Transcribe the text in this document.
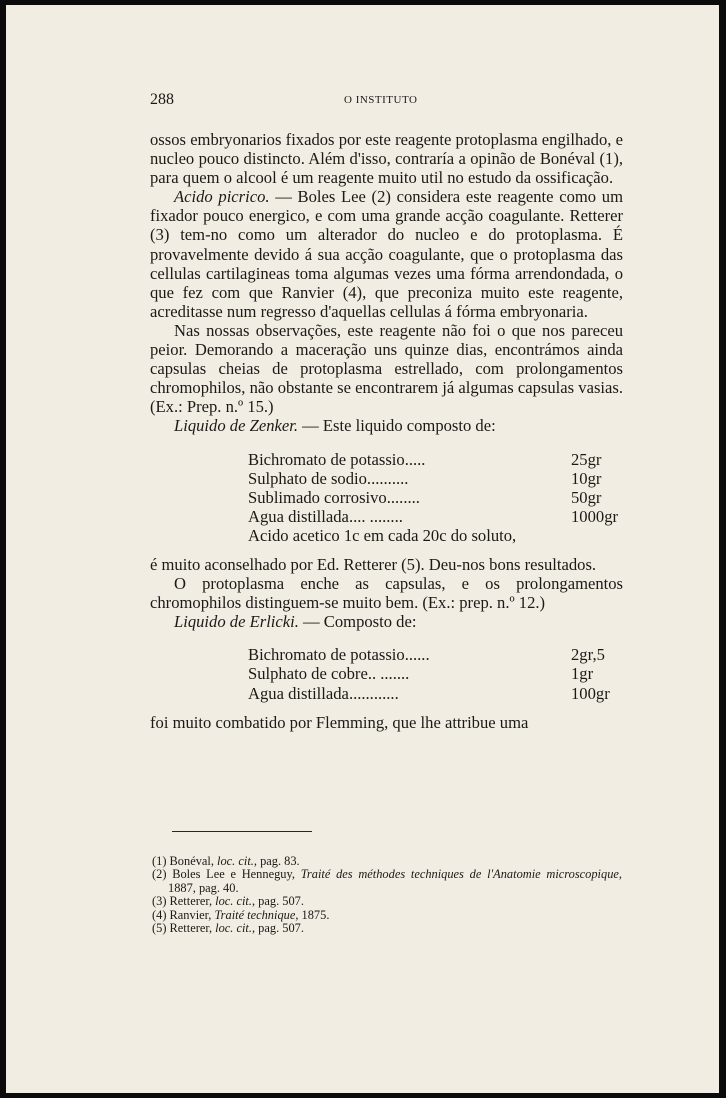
288	O INSTITUTO

ossos embryonarios fixados por este reagente protoplasma engilhado, e nucleo pouco distincto. Além d'isso, contraría a opinão de Bonéval (1), para quem o alcool é um reagente muito util no estudo da ossificação.

Acido picrico. — Boles Lee (2) considera este reagente como um fixador pouco energico, e com uma grande acção coagulante. Retterer (3) tem-no como um alterador do nucleo e do protoplasma. É provavelmente devido á sua acção coagulante, que o protoplasma das cellulas cartilagineas toma algumas vezes uma fórma arrendondada, o que fez com que Ranvier (4), que preconiza muito este reagente, acreditasse num regresso d'aquellas cellulas á fórma embryonaria.

Nas nossas observações, este reagente não foi o que nos pareceu peior. Demorando a maceração uns quinze dias, encontrámos ainda capsulas cheias de protoplasma estrellado, com prolongamentos chromophilos, não obstante se encontrarem já algumas capsulas vasias. (Ex.: Prep. n.º 15.)

Liquido de Zenker. — Este liquido composto de:

Bichromato de potassio .....	25gr
Sulphato de sodio ..........	10gr
Sublimado corrosivo ........	50gr
Agua distillada .... ........	1000gr
Acido acetico 1c em cada 20c do soluto,

é muito aconselhado por Ed. Retterer (5). Deu-nos bons resultados.

O protoplasma enche as capsulas, e os prolongamentos chromophilos distinguem-se muito bem. (Ex.: prep. n.º 12.)

Liquido de Erlicki. — Composto de:

Bichromato de potassio ......	2gr,5
Sulphato de cobre .. .......	1gr
Agua distillada ............	100gr

foi muito combatido por Flemming, que lhe attribue uma

(1) Bonéval, loc. cit., pag. 83.

(2) Boles Lee e Henneguy, Traité des méthodes techniques de l'Anatomie microscopique, 1887, pag. 40.

(3) Retterer, loc. cit., pag. 507.

(4) Ranvier, Traité technique, 1875.

(5) Retterer, loc. cit., pag. 507.
